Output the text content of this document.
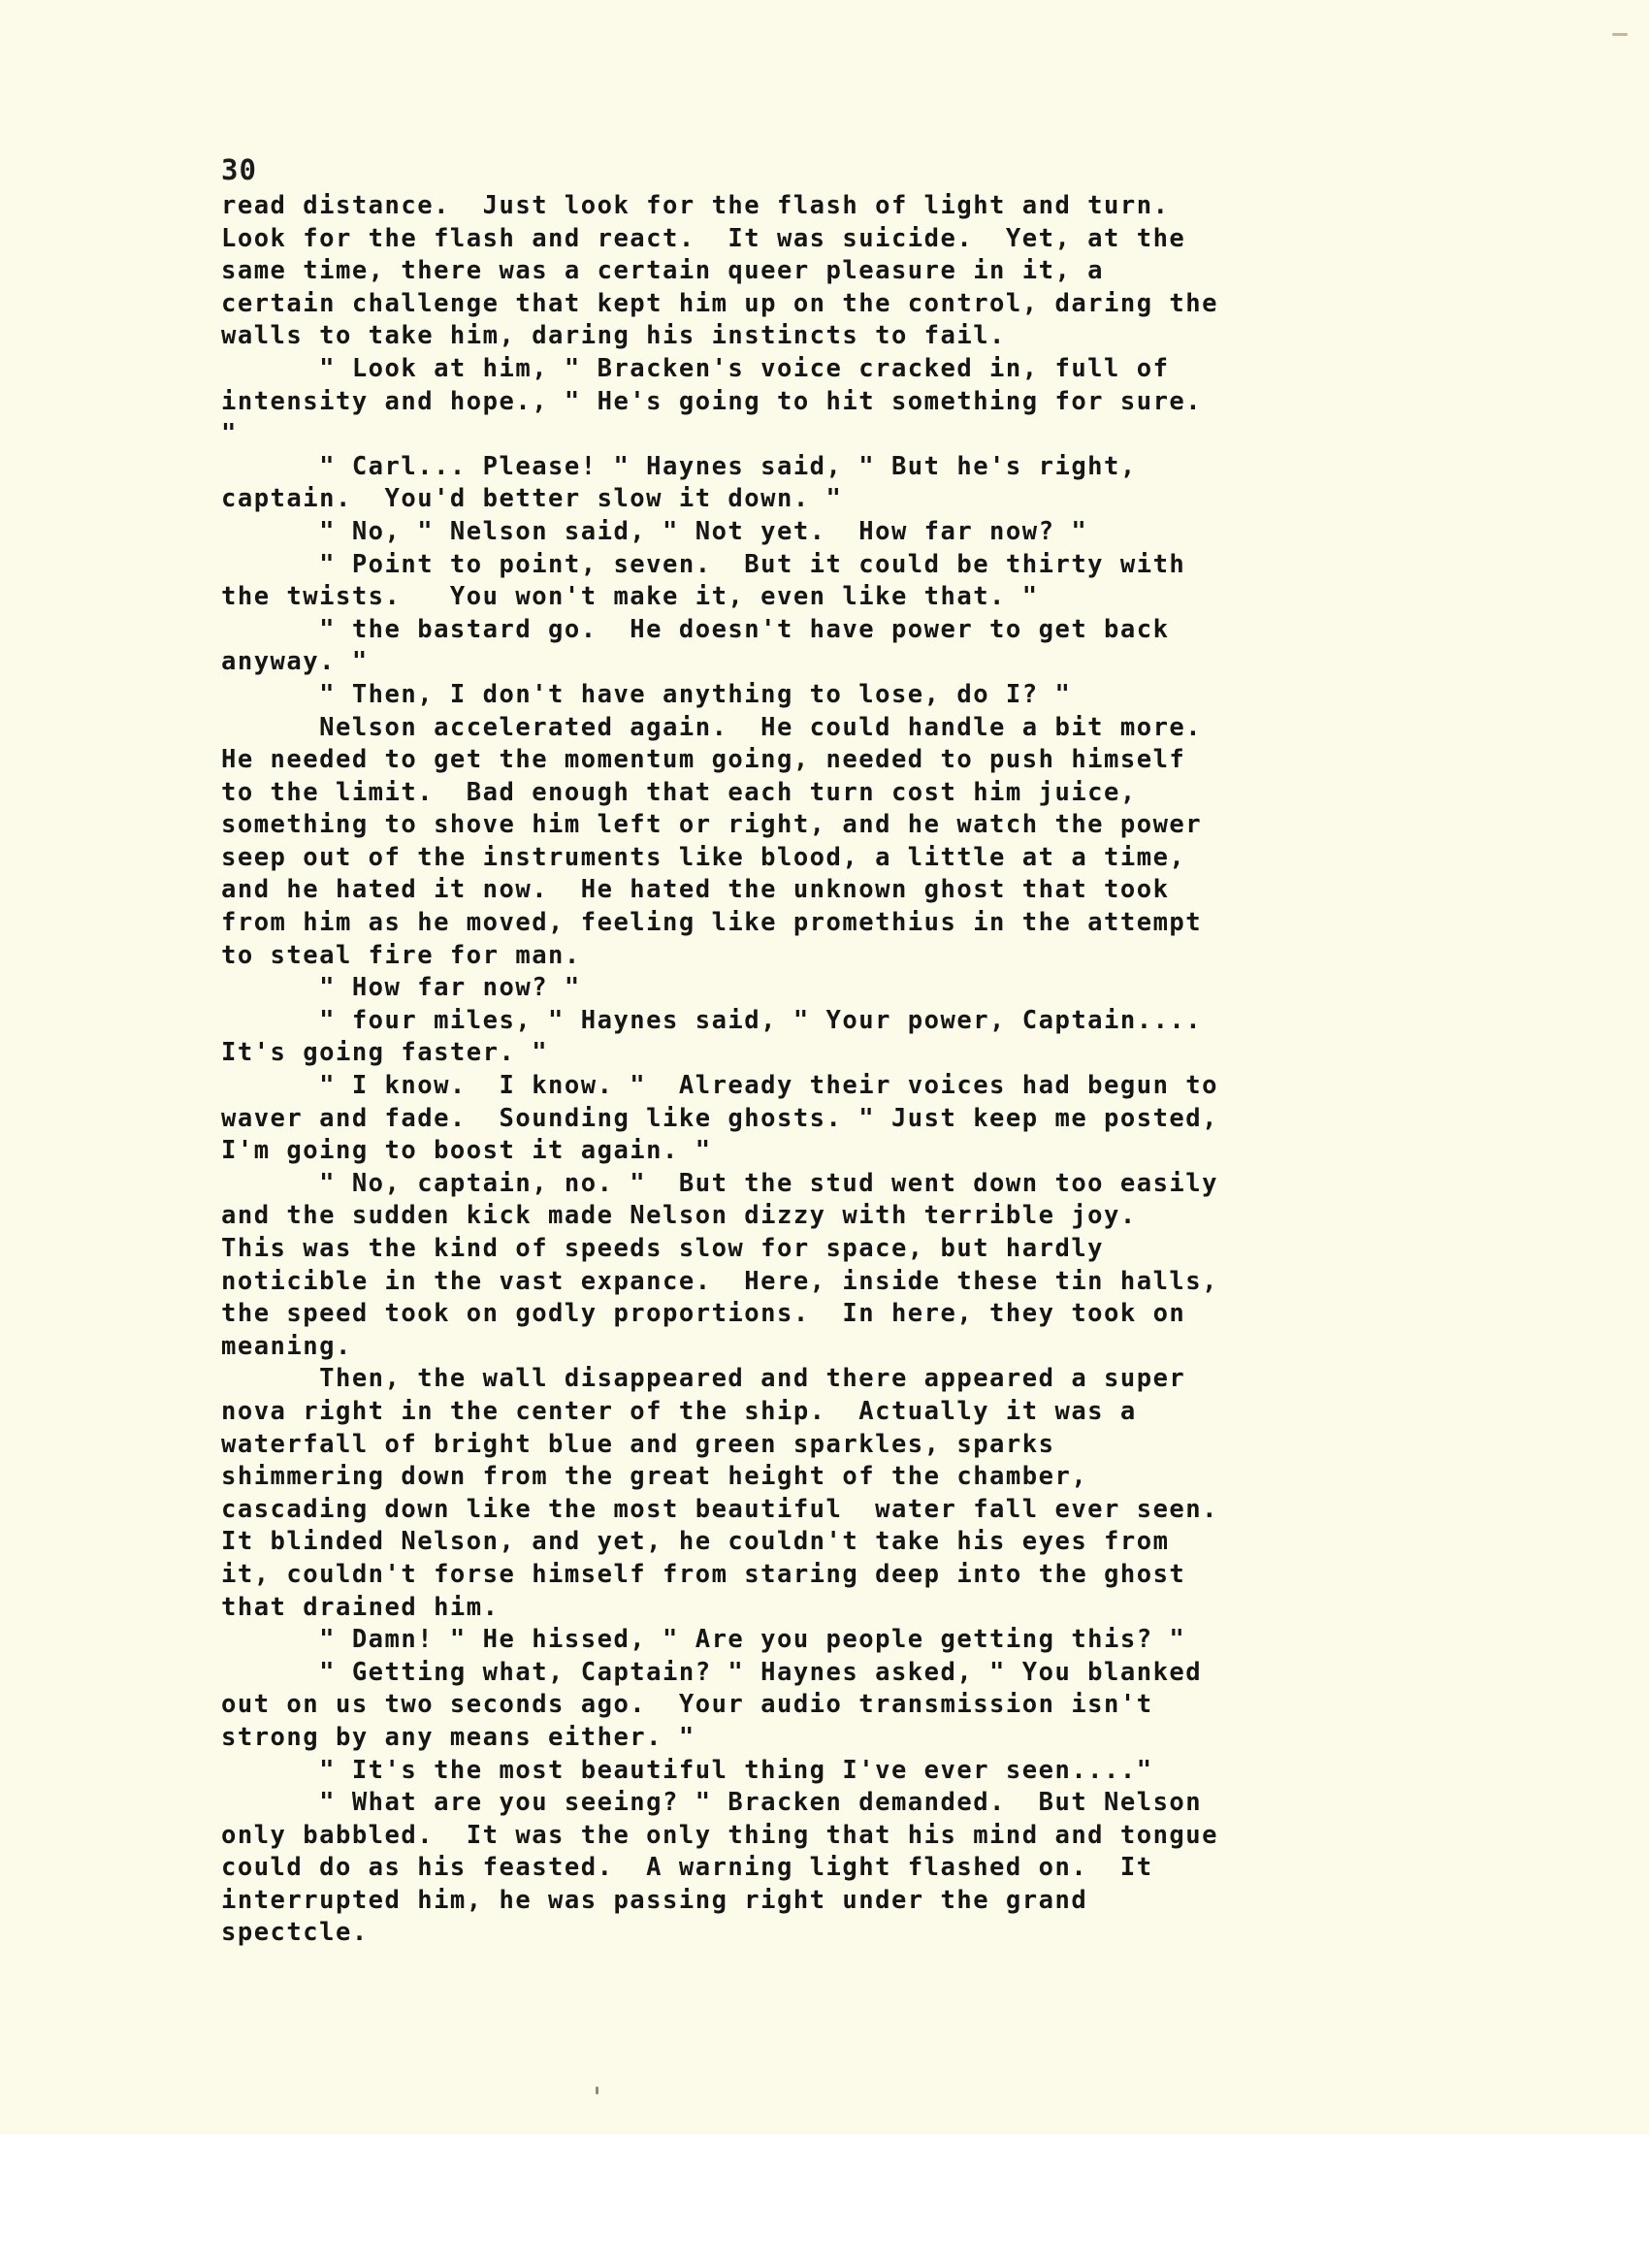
30
read distance.  Just look for the flash of light and turn.
Look for the flash and react.  It was suicide.  Yet, at the
same time, there was a certain queer pleasure in it, a
certain challenge that kept him up on the control, daring the
walls to take him, daring his instincts to fail.
" Look at him, " Bracken's voice cracked in, full of
intensity and hope., " He's going to hit something for sure.
"
" Carl... Please! " Haynes said, " But he's right,
captain.  You'd better slow it down. "
" No, " Nelson said, " Not yet.  How far now? "
" Point to point, seven.  But it could be thirty with
the twists.   You won't make it, even like that. "
" the bastard go.  He doesn't have power to get back
anyway. "
" Then, I don't have anything to lose, do I? "
Nelson accelerated again.  He could handle a bit more.
He needed to get the momentum going, needed to push himself
to the limit.  Bad enough that each turn cost him juice,
something to shove him left or right, and he watch the power
seep out of the instruments like blood, a little at a time,
and he hated it now.  He hated the unknown ghost that took
from him as he moved, feeling like promethius in the attempt
to steal fire for man.
" How far now? "
" four miles, " Haynes said, " Your power, Captain....
It's going faster. "
" I know.  I know. "  Already their voices had begun to
waver and fade.  Sounding like ghosts. " Just keep me posted,
I'm going to boost it again. "
" No, captain, no. "  But the stud went down too easily
and the sudden kick made Nelson dizzy with terrible joy.
This was the kind of speeds slow for space, but hardly
noticible in the vast expance.  Here, inside these tin halls,
the speed took on godly proportions.  In here, they took on
meaning.
Then, the wall disappeared and there appeared a super
nova right in the center of the ship.  Actually it was a
waterfall of bright blue and green sparkles, sparks
shimmering down from the great height of the chamber,
cascading down like the most beautiful  water fall ever seen.
It blinded Nelson, and yet, he couldn't take his eyes from
it, couldn't forse himself from staring deep into the ghost
that drained him.
" Damn! " He hissed, " Are you people getting this? "
" Getting what, Captain? " Haynes asked, " You blanked
out on us two seconds ago.  Your audio transmission isn't
strong by any means either. "
" It's the most beautiful thing I've ever seen...."
" What are you seeing? " Bracken demanded.  But Nelson
only babbled.  It was the only thing that his mind and tongue
could do as his feasted.  A warning light flashed on.  It
interrupted him, he was passing right under the grand
spectcle.
